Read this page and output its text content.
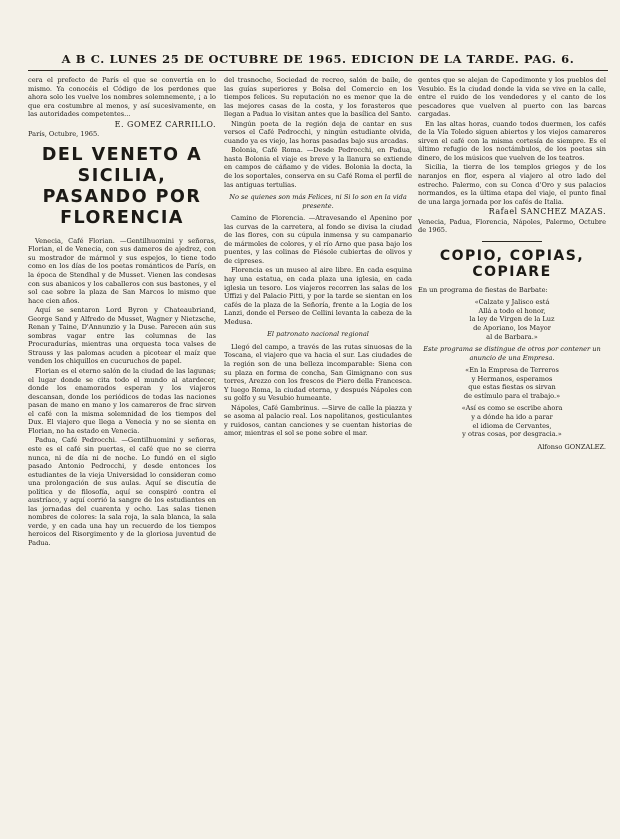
A B C. LUNES 25 DE OCTUBRE DE 1965. EDICION DE LA TARDE. PAG. 6.

cera el prefecto de París el que se convertía en lo mismo. Ya conocéis el Código de los perdones que ahora solo les vuelve los nombres solemnemente, ¡ a lo que era costumbre al menos, y así sucesivamente, en las autoridades competentes...

E. GOMEZ CARRILLO.
París, Octubre, 1965.
DEL VENETO A SICILIA, PASANDO POR FLORENCIA

Venecia, Café Florian. —Gentilhuomini y señoras, Florian, el de Venecia, con sus dameros de ajedrez, con su mostrador de mármol y sus espejos, lo tiene todo como en los días de los poetas románticos de París, en la época de Stendhal y de Musset. Vienen las condesas con sus abanicos y los caballeros con sus bastones, y el sol cae sobre la plaza de San Marcos lo mismo que hace cien años.

Aquí se sentaron Lord Byron y Chateaubriand, George Sand y Alfredo de Musset, Wagner y Nietzsche, Renan y Taine, D'Annunzio y la Duse. Parecen aún sus sombras vagar entre las columnas de las Procuradurías, mientras una orquesta toca valses de Strauss y las palomas acuden a picotear el maíz que venden los chiquillos en cucuruchos de papel.

Florian es el eterno salón de la ciudad de las lagunas; el lugar donde se cita todo el mundo al atardecer, donde los enamorados esperan y los viajeros descansan, donde los periódicos de todas las naciones pasan de mano en mano y los camareros de frac sirven el café con la misma solemnidad de los tiempos del Dux. El viajero que llega a Venecia y no se sienta en Florian, no ha estado en Venecia.

Padua, Café Pedrocchi. —Gentilhuomini y señoras, este es el café sin puertas, el café que no se cierra nunca, ni de día ni de noche. Lo fundó en el siglo pasado Antonio Pedrocchi, y desde entonces los estudiantes de la vieja Universidad lo consideran como una prolongación de sus aulas. Aquí se discutía de política y de filosofía, aquí se conspiró contra el austríaco, y aquí corrió la sangre de los estudiantes en las jornadas del cuarenta y ocho. Las salas tienen nombres de colores: la sala roja, la sala blanca, la sala verde, y en cada una hay un recuerdo de los tiempos heroicos del Risorgimento y de la gloriosa juventud de Padua.

del trasnoche, Sociedad de recreo, salón de baile, de las guías superiores y Bolsa del Comercio en los tiempos felices. Su reputación no es menor que la de las mejores casas de la costa, y los forasteros que llegan a Padua lo visitan antes que la basílica del Santo.

Ningún poeta de la región deja de cantar en sus versos el Café Pedrocchi, y ningún estudiante olvida, cuando ya es viejo, las horas pasadas bajo sus arcadas.

Bolonia, Café Roma. —Desde Pedrocchi, en Padua, hasta Bolonia el viaje es breve y la llanura se extiende en campos de cáñamo y de vides. Bolonia la docta, la de los soportales, conserva en su Café Roma el perfil de las antiguas tertulias.

No se quienes son más Felices, ni Si lo son en la vida presente.

Camino de Florencia. —Atravesando el Apenino por las curvas de la carretera, al fondo se divisa la ciudad de las flores, con su cúpula inmensa y su campanario de mármoles de colores, y el río Arno que pasa bajo los puentes, y las colinas de Fiésole cubiertas de olivos y de cipreses.

Florencia es un museo al aire libre. En cada esquina hay una estatua, en cada plaza una iglesia, en cada iglesia un tesoro. Los viajeros recorren las salas de los Uffizi y del Palacio Pitti, y por la tarde se sientan en los cafés de la plaza de la Señoría, frente a la Logia de los Lanzi, donde el Perseo de Cellini levanta la cabeza de la Medusa.

El patronato nacional regional

Llegó del campo, a través de las rutas sinuosas de la Toscana, el viajero que va hacia el sur. Las ciudades de la región son de una belleza incomparable: Siena con su plaza en forma de concha, San Gimignano con sus torres, Arezzo con los frescos de Piero della Francesca. Y luego Roma, la ciudad eterna, y después Nápoles con su golfo y su Vesubio humeante.

Nápoles, Café Gambrinus. —Sirve de calle la piazza y se asoma al palacio real. Los napolitanos, gesticulantes y ruidosos, cantan canciones y se cuentan historias de amor, mientras el sol se pone sobre el mar.

gentes que se alejan de Capodimonte y los pueblos del Vesubio. Es la ciudad donde la vida se vive en la calle, entre el ruido de los vendedores y el canto de los pescadores que vuelven al puerto con las barcas cargadas.

En las altas horas, cuando todos duermen, los cafés de la Vía Toledo siguen abiertos y los viejos camareros sirven el café con la misma cortesía de siempre. Es el último refugio de los noctámbulos, de los poetas sin dinero, de los músicos que vuelven de los teatros.

Sicilia, la tierra de los templos griegos y de los naranjos en flor, espera al viajero al otro lado del estrecho. Palermo, con su Conca d'Oro y sus palacios normandos, es la última etapa del viaje, el punto final de una larga jornada por los cafés de Italia.

Rafael SANCHEZ MAZAS.
Venecia, Padua, Florencia, Nápoles, Palermo, Octubre de 1965.
COPIO, COPIAS, COPIARE

En un programa de fiestas de Barbate:

«Calzate y Jalisco está
Allá a todo el honor,
la ley de Virgen de la Luz
de Aporiano, los Mayor
al de Barbara.»
Este programa se distingue de otros por contener un anuncio de una Empresa.
«En la Empresa de Terreros
y Hermanos, esperamos
que estas fiestas os sirvan
de estímulo para el trabajo.»
«Así es como se escribe ahora
y a dónde ha ido a parar
el idioma de Cervantes,
y otras cosas, por desgracia.»
Alfonso GONZALEZ.
